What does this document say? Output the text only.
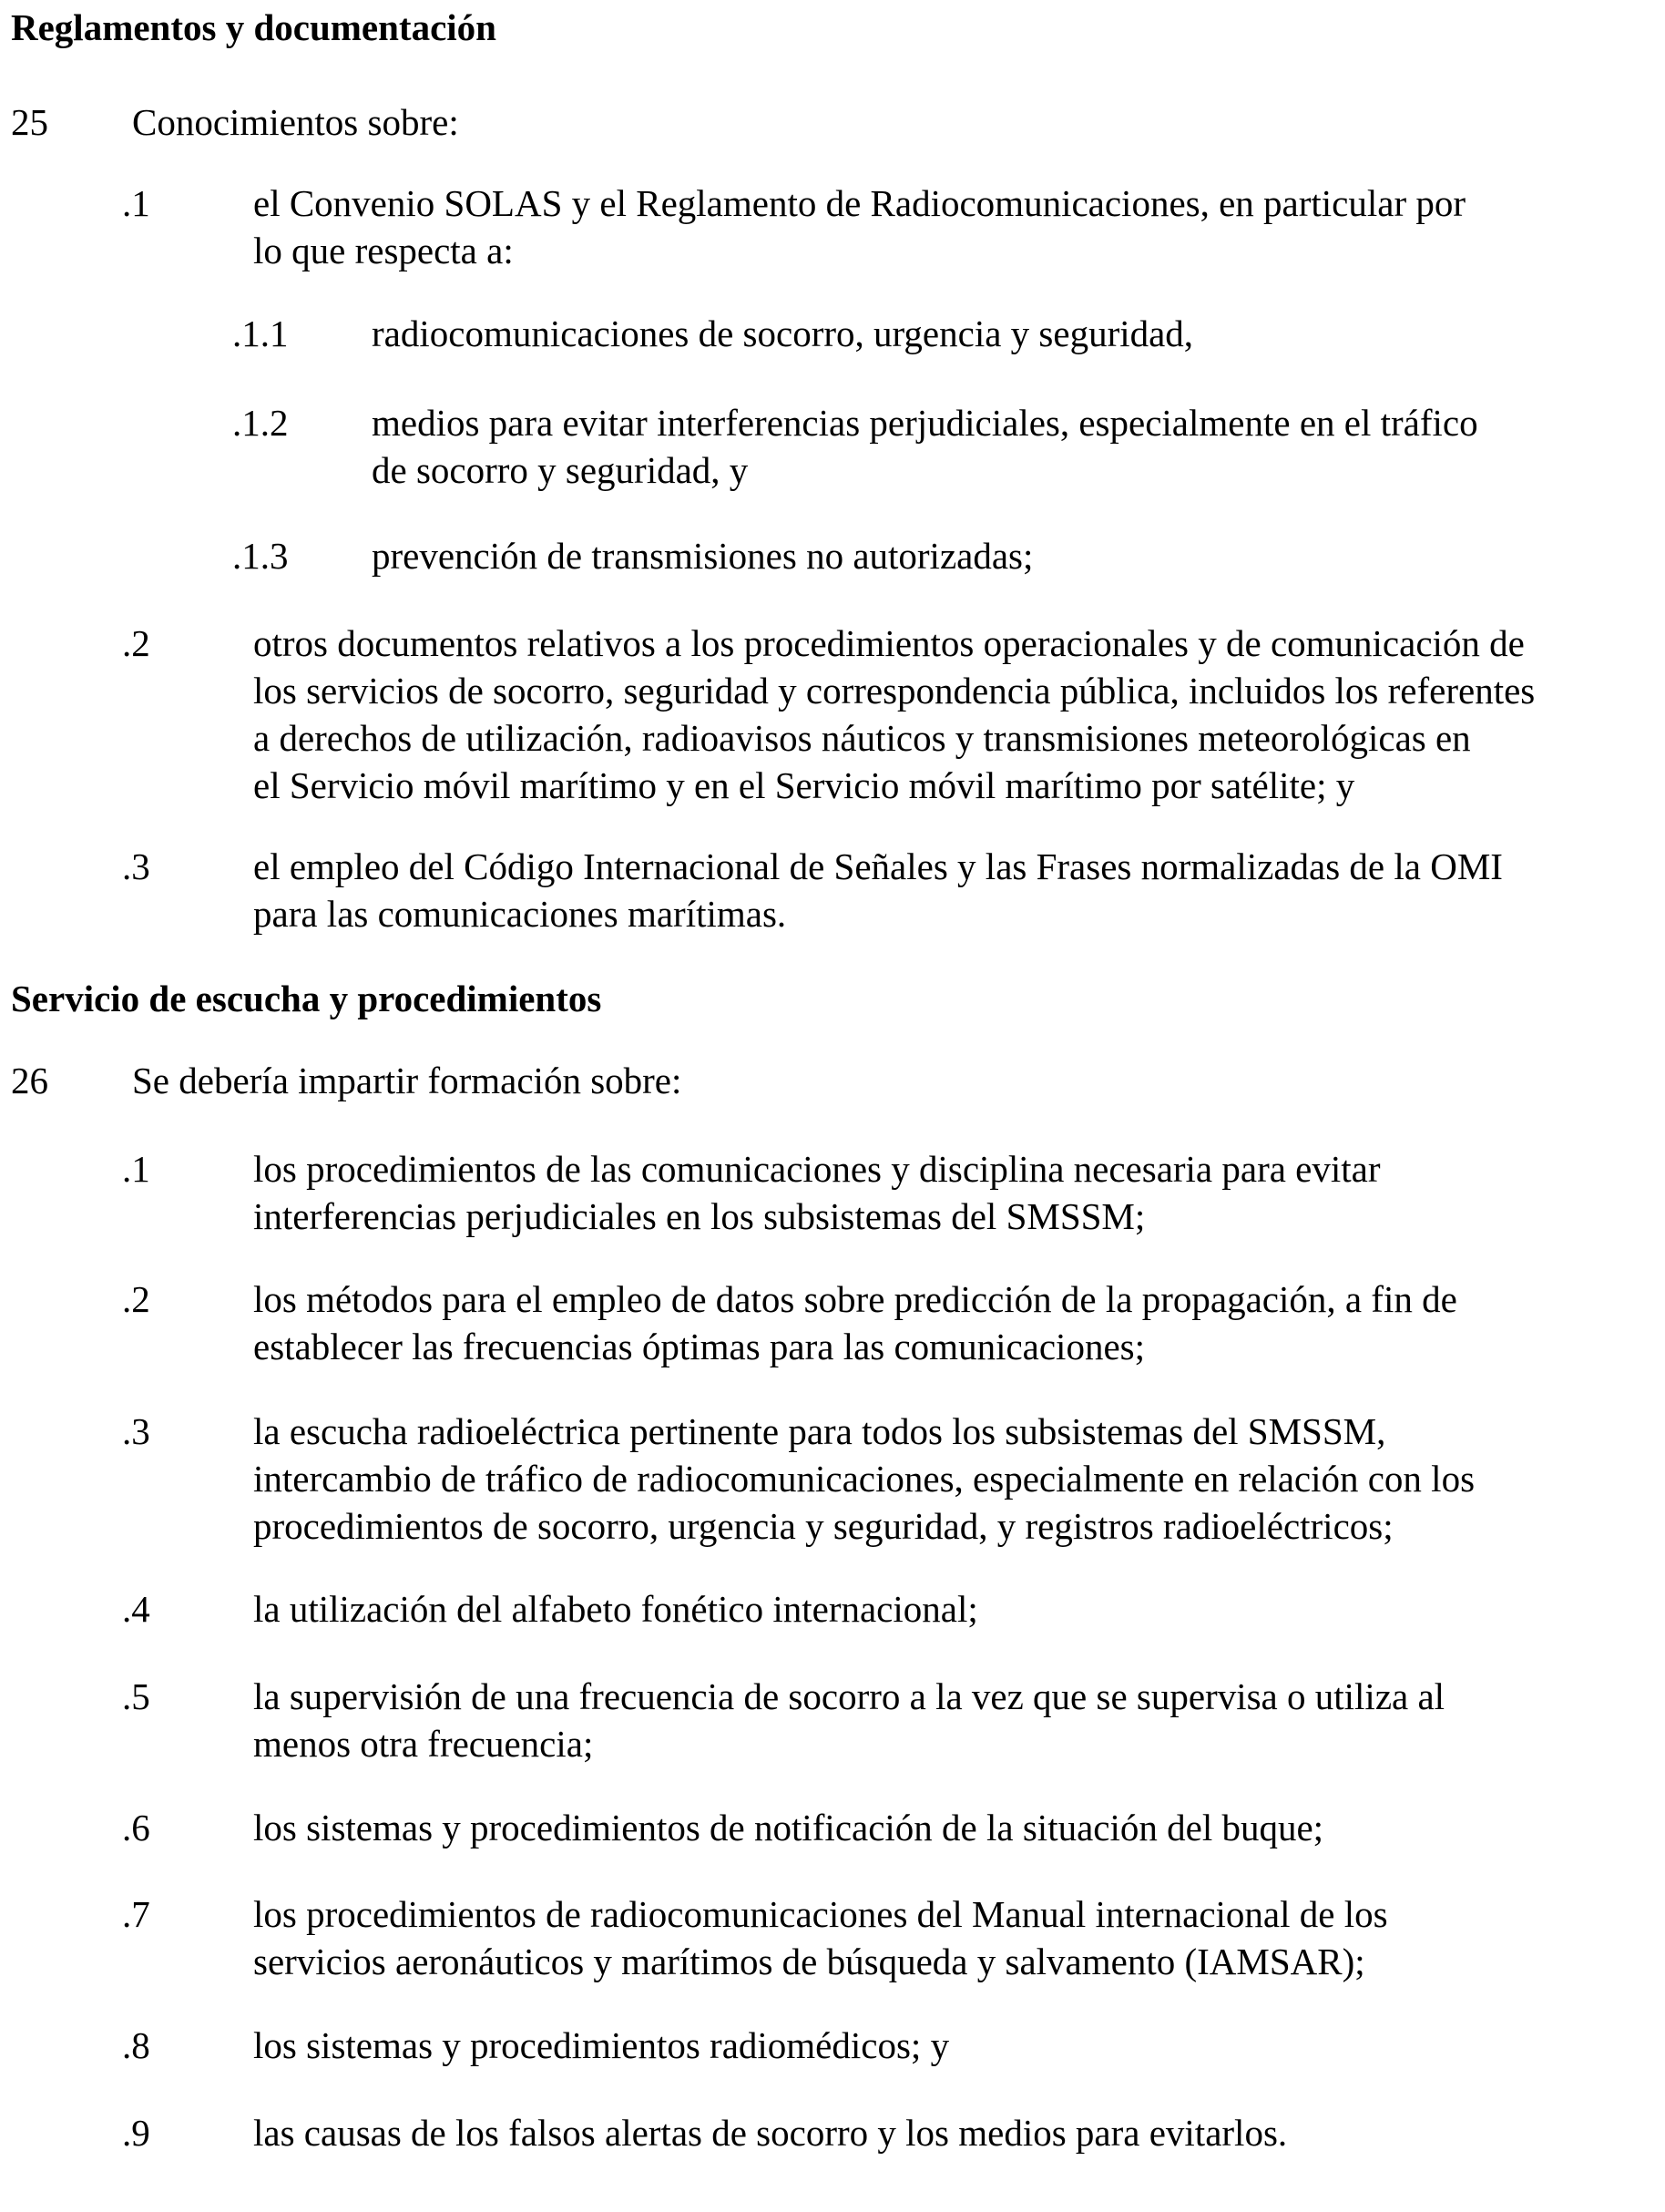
Reglamentos y documentación
25 Conocimientos sobre:
.1	el Convenio SOLAS y el Reglamento de Radiocomunicaciones, en particular por
lo que respecta a:
.1.1 radiocomunicaciones de socorro, urgencia y seguridad,
.1.2 medios para evitar interferencias perjudiciales, especialmente en el tráfico
de socorro y seguridad, y
.1.3 prevención de transmisiones no autorizadas;
.2	otros documentos relativos a los procedimientos operacionales y de comunicación de
los servicios de socorro, seguridad y correspondencia pública, incluidos los referentes
a derechos de utilización, radioavisos náuticos y transmisiones meteorológicas en
el Servicio móvil marítimo y en el Servicio móvil marítimo por satélite; y
.3	el empleo del Código Internacional de Señales y las Frases normalizadas de la OMI
para las comunicaciones marítimas.
Servicio de escucha y procedimientos
26 Se debería impartir formación sobre:
.1	los procedimientos de las comunicaciones y disciplina necesaria para evitar
interferencias perjudiciales en los subsistemas del SMSSM;
.2	los métodos para el empleo de datos sobre predicción de la propagación, a fin de
establecer las frecuencias óptimas para las comunicaciones;
.3	la escucha radioeléctrica pertinente para todos los subsistemas del SMSSM,
intercambio de tráfico de radiocomunicaciones, especialmente en relación con los
procedimientos de socorro, urgencia y seguridad, y registros radioeléctricos;
.4	la utilización del alfabeto fonético internacional;
.5	la supervisión de una frecuencia de socorro a la vez que se supervisa o utiliza al
menos otra frecuencia;
.6	los sistemas y procedimientos de notificación de la situación del buque;
.7	los procedimientos de radiocomunicaciones del Manual internacional de los
servicios aeronáuticos y marítimos de búsqueda y salvamento (IAMSAR);
.8	los sistemas y procedimientos radiomédicos; y
.9	las causas de los falsos alertas de socorro y los medios para evitarlos.
